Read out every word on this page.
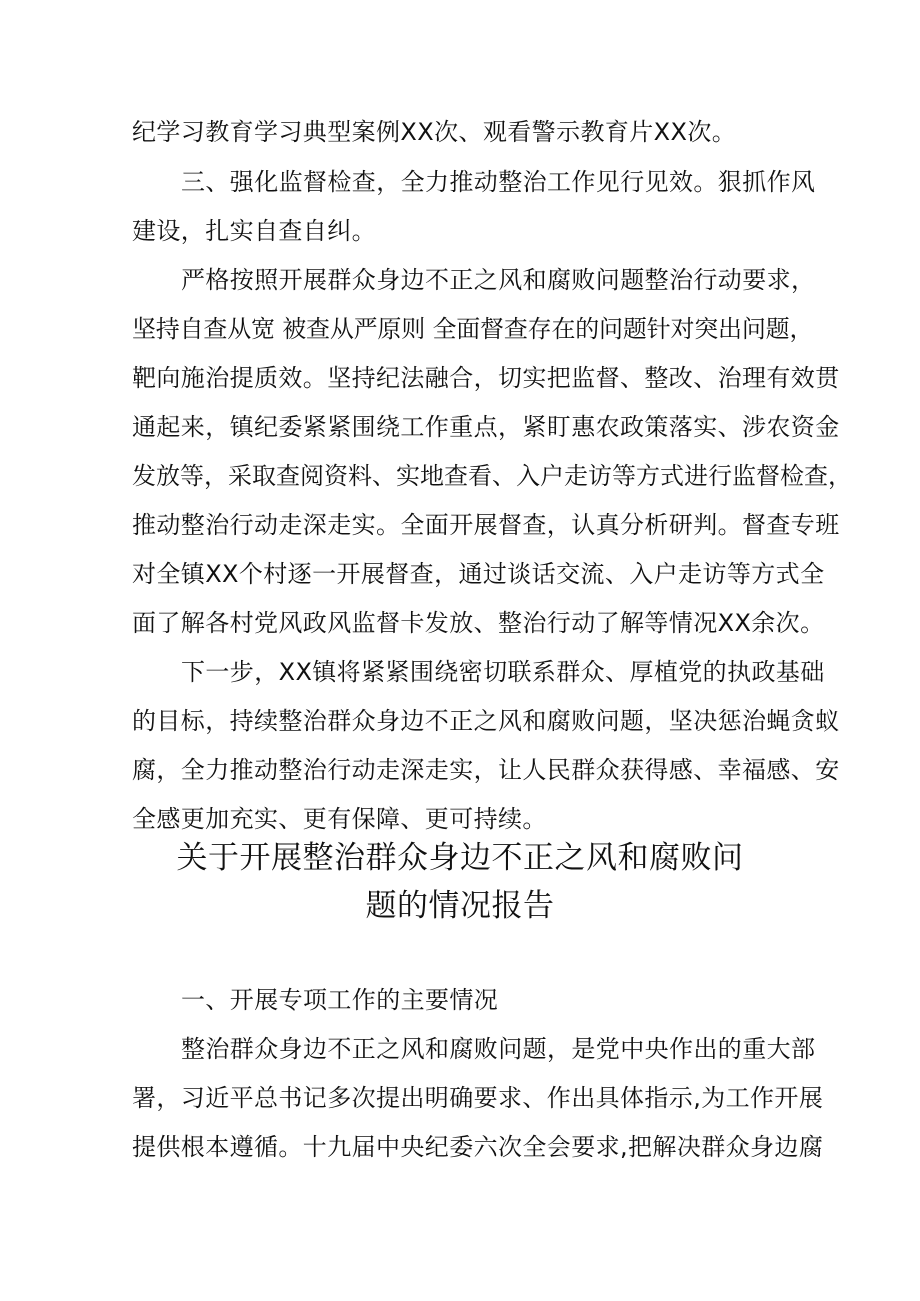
纪学习教育学习典型案例XX次、观看警示教育片XX次。
三、强化监督检查，全力推动整治工作见行见效。狠抓作风
建设，扎实自查自纠。
严格按照开展群众身边不正之风和腐败问题整治行动要求，
坚持自查从宽 被查从严原则 全面督查存在的问题针对突出问题，
靶向施治提质效。坚持纪法融合，切实把监督、整改、治理有效贯
通起来，镇纪委紧紧围绕工作重点，紧盯惠农政策落实、涉农资金
发放等，采取查阅资料、实地查看、入户走访等方式进行监督检查，
推动整治行动走深走实。全面开展督查，认真分析研判。督查专班
对全镇XX个村逐一开展督查，通过谈话交流、入户走访等方式全
面了解各村党风政风监督卡发放、整治行动了解等情况XX余次。
下一步，XX镇将紧紧围绕密切联系群众、厚植党的执政基础
的目标，持续整治群众身边不正之风和腐败问题，坚决惩治蝇贪蚁
腐，全力推动整治行动走深走实，让人民群众获得感、幸福感、安
全感更加充实、更有保障、更可持续。
关于开展整治群众身边不正之风和腐败问
题的情况报告
一、开展专项工作的主要情况
整治群众身边不正之风和腐败问题，是党中央作出的重大部
署，习近平总书记多次提出明确要求、作出具体指示,为工作开展
提供根本遵循。十九届中央纪委六次全会要求,把解决群众身边腐
